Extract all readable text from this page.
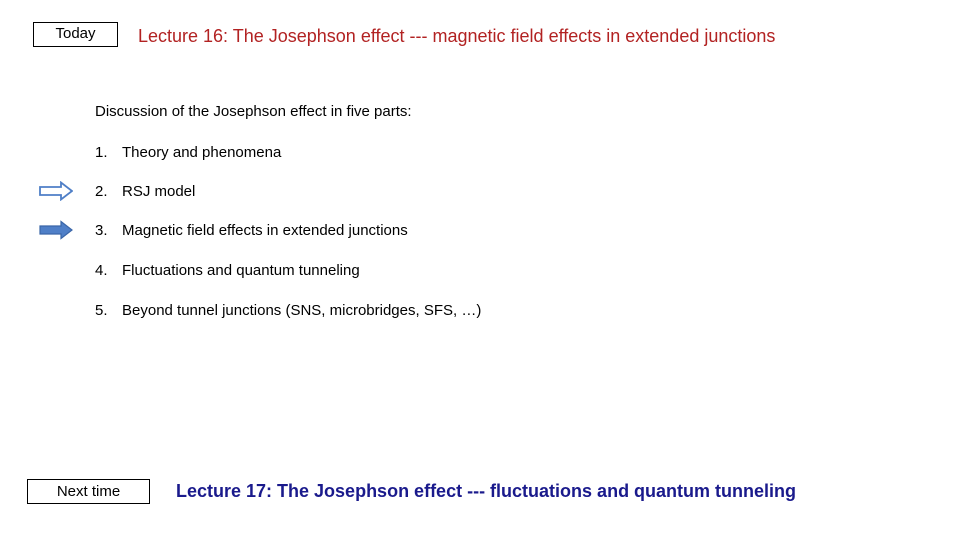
Today	Lecture 16: The Josephson effect --- magnetic field effects in extended junctions
Discussion of the Josephson effect in five parts:
1. Theory and phenomena
2. RSJ model
3. Magnetic field effects in extended junctions
4. Fluctuations and quantum tunneling
5. Beyond tunnel junctions (SNS, microbridges, SFS, …)
Next time	Lecture 17: The Josephson effect --- fluctuations and quantum tunneling
